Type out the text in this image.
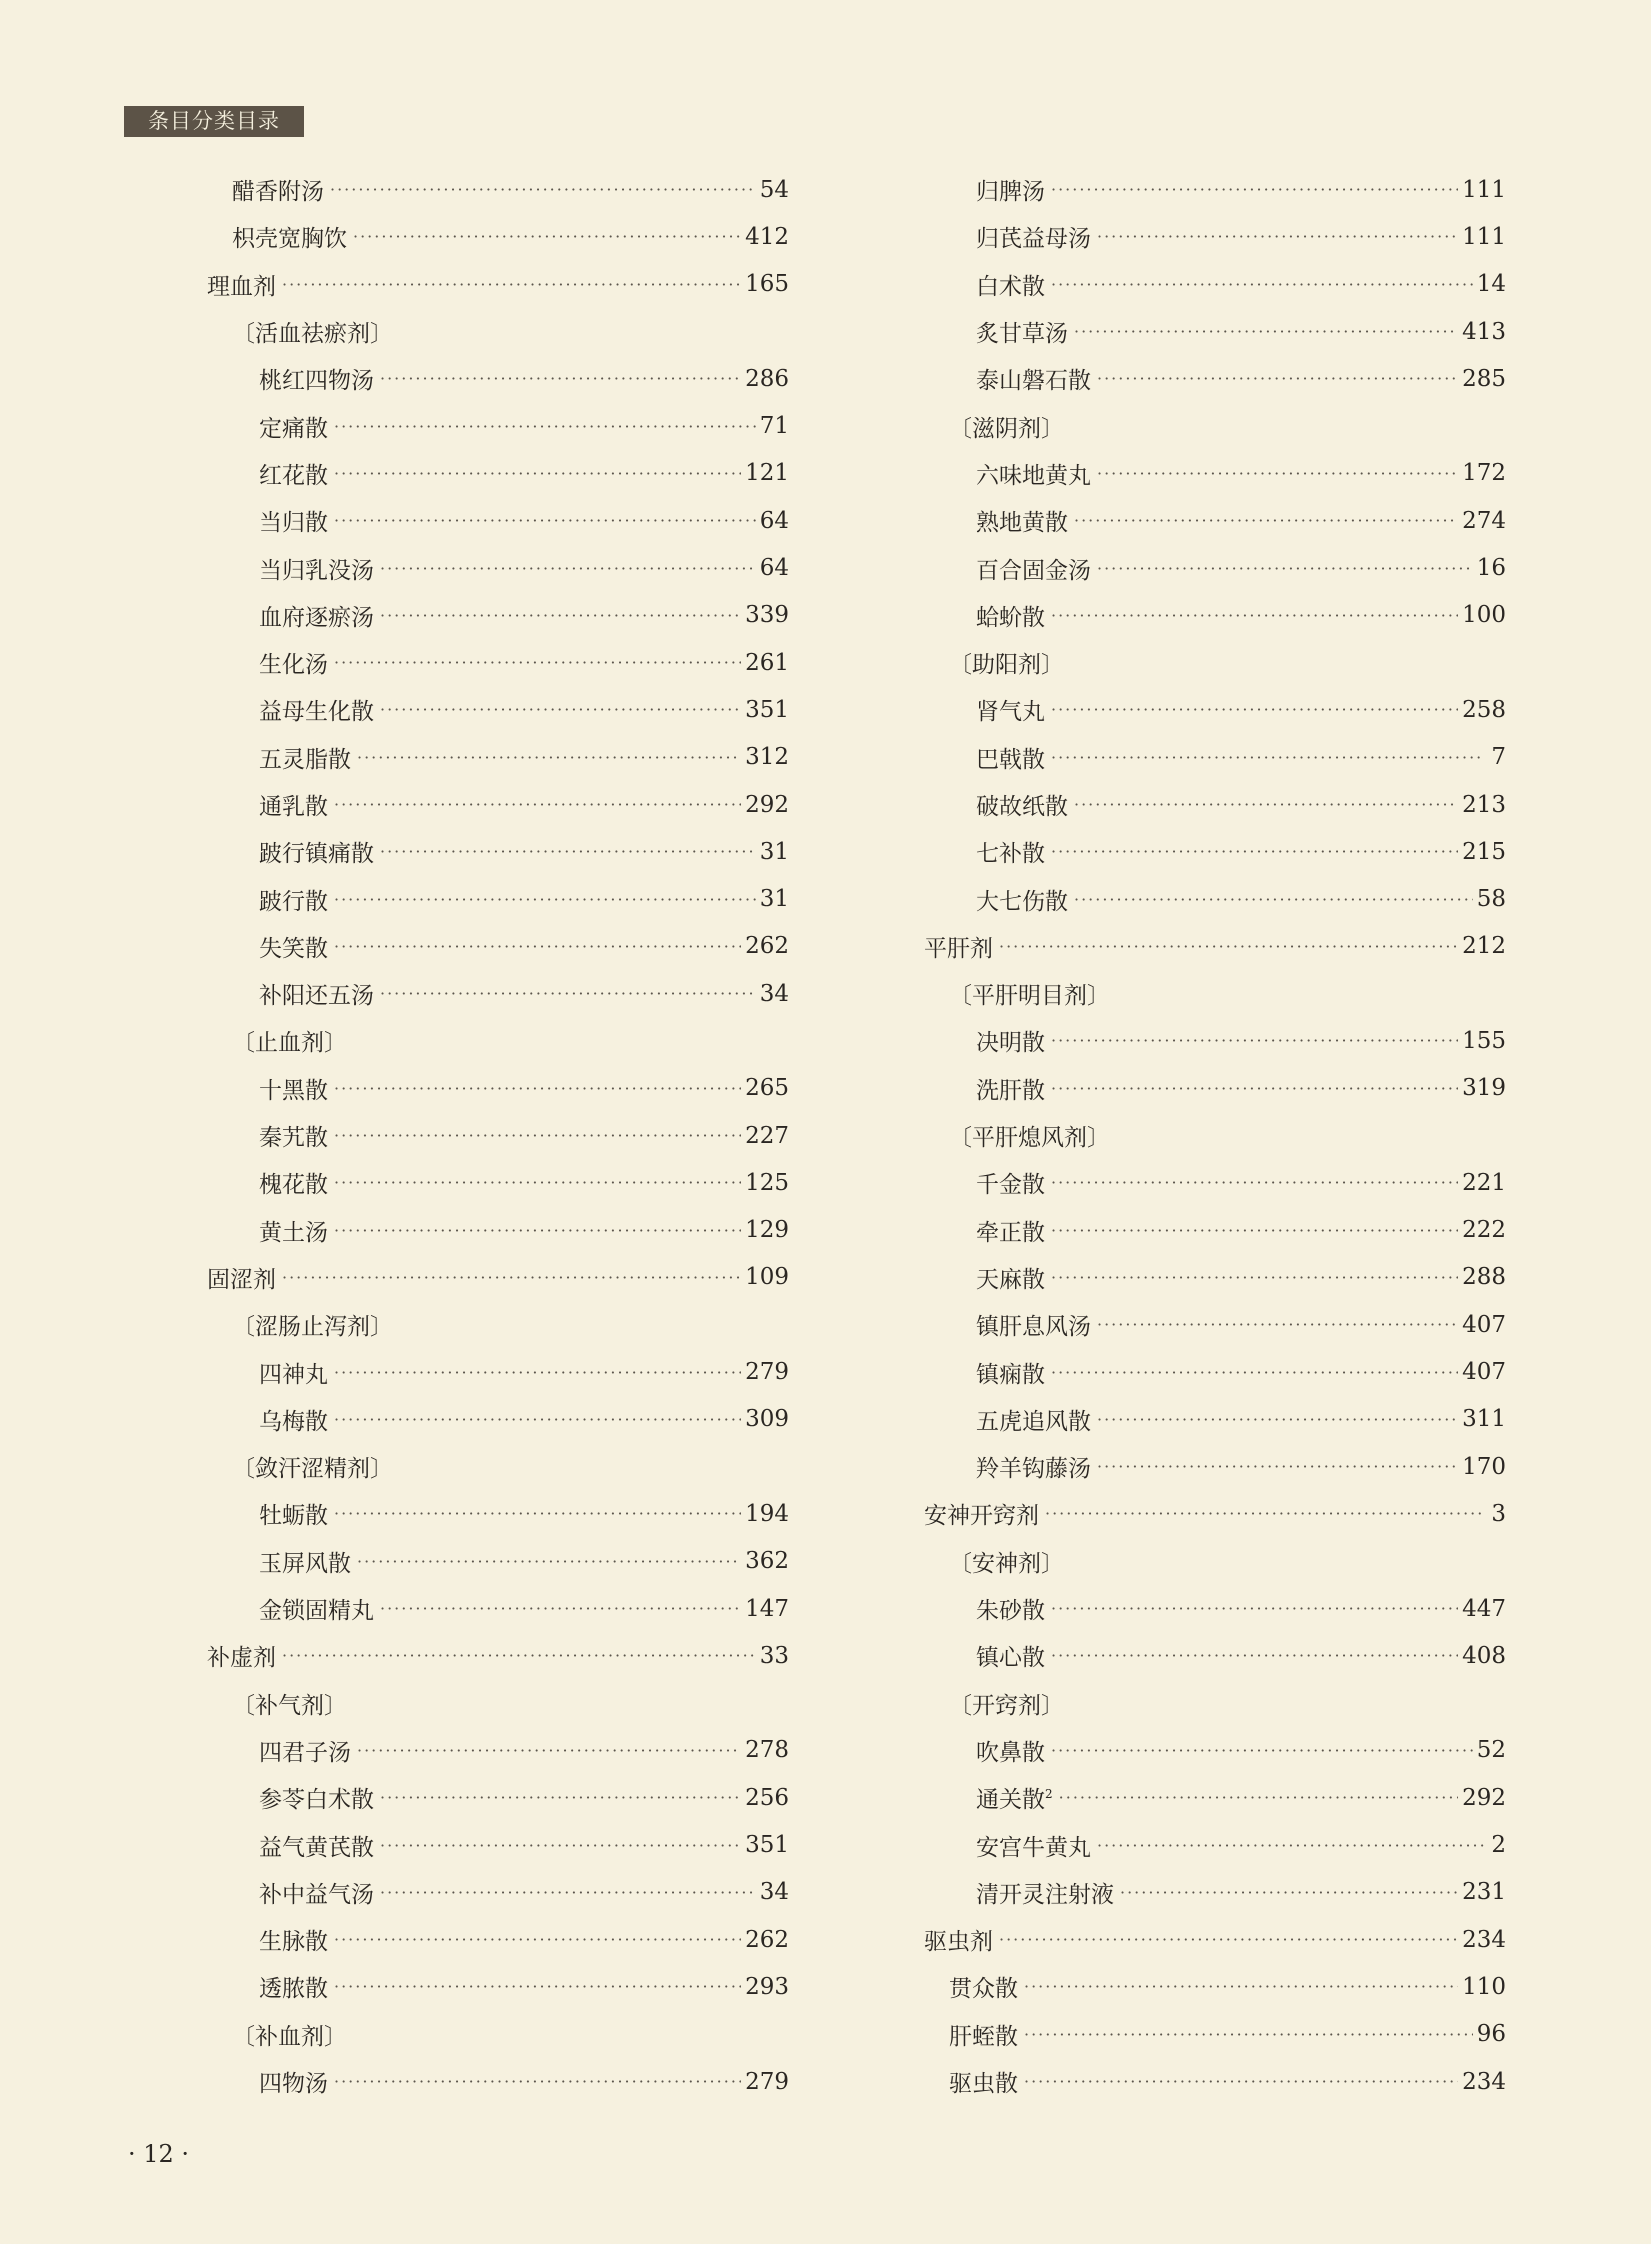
条目分类目录
醋香附汤 ·····	54
枳壳宽胸饮 ·····	412
理血剂 ·····	165
〔活血祛瘀剂〕
桃红四物汤 ·····	286
定痛散 ·····	71
红花散 ·····	121
当归散 ·····	64
当归乳没汤 ·····	64
血府逐瘀汤 ·····	339
生化汤 ·····	261
益母生化散 ·····	351
五灵脂散 ·····	312
通乳散 ·····	292
跛行镇痛散 ·····	31
跛行散 ·····	31
失笑散 ·····	262
补阳还五汤 ·····	34
〔止血剂〕
十黑散 ·····	265
秦艽散 ·····	227
槐花散 ·····	125
黄土汤 ·····	129
固涩剂 ·····	109
〔涩肠止泻剂〕
四神丸 ·····	279
乌梅散 ·····	309
〔敛汗涩精剂〕
牡蛎散 ·····	194
玉屏风散 ·····	362
金锁固精丸 ·····	147
补虚剂 ·····	33
〔补气剂〕
四君子汤 ·····	278
参苓白术散 ·····	256
益气黄芪散 ·····	351
补中益气汤 ·····	34
生脉散 ·····	262
透脓散 ·····	293
〔补血剂〕
四物汤 ·····	279
归脾汤 ·····	111
归芪益母汤 ·····	111
白术散 ·····	14
炙甘草汤 ·····	413
泰山磐石散 ·····	285
〔滋阴剂〕
六味地黄丸 ·····	172
熟地黄散 ·····	274
百合固金汤 ·····	16
蛤蚧散 ·····	100
〔助阳剂〕
肾气丸 ·····	258
巴戟散 ·····	7
破故纸散 ·····	213
七补散 ·····	215
大七伤散 ·····	58
平肝剂 ·····	212
〔平肝明目剂〕
决明散 ·····	155
洗肝散 ·····	319
〔平肝熄风剂〕
千金散 ·····	221
牵正散 ·····	222
天麻散 ·····	288
镇肝息风汤 ·····	407
镇痫散 ·····	407
五虎追风散 ·····	311
羚羊钩藤汤 ·····	170
安神开窍剂 ·····	3
〔安神剂〕
朱砂散 ·····	447
镇心散 ·····	408
〔开窍剂〕
吹鼻散 ·····	52
通关散$^2$ ·····	292
安宫牛黄丸 ·····	2
清开灵注射液 ·····	231
驱虫剂 ·····	234
贯众散 ·····	110
肝蛭散 ·····	96
驱虫散 ·····	234
· 12 ·
